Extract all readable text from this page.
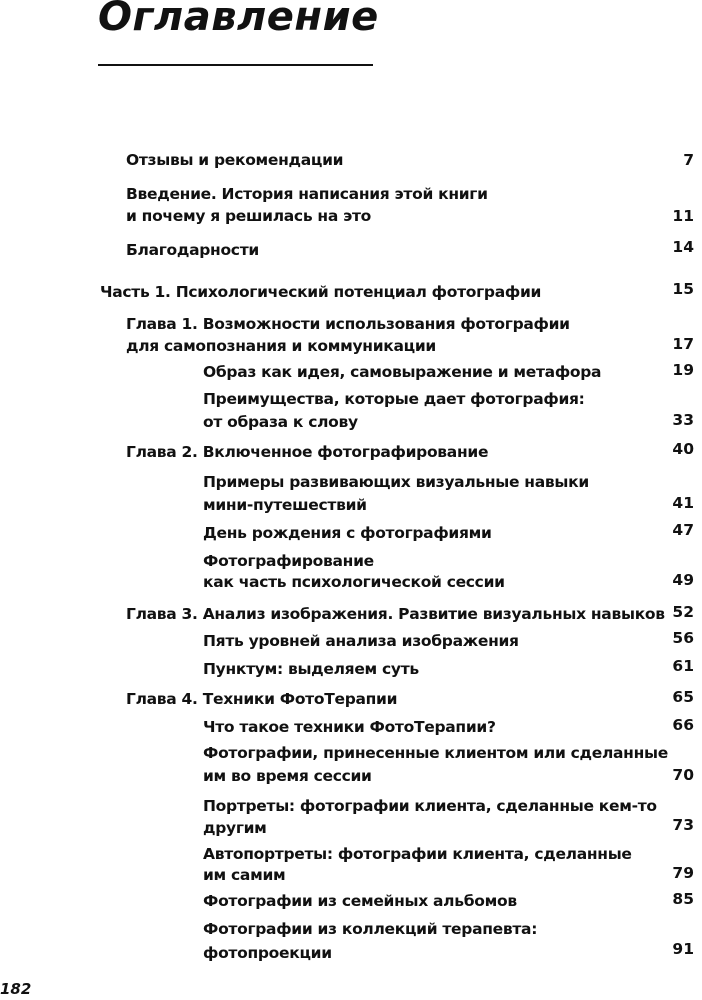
Оглавление

Отзывы и рекомендации	7

Введение. История написания этой книги

и почему я решилась на это	11

Благодарности	14

Часть 1. Психологический потенциал фотографии	15

Глава 1. Возможности использования фотографии

для самопознания и коммуникации	17

Образ как идея, самовыражение и метафора	19

Преимущества, которые дает фотография:

от образа к слову	33

Глава 2. Включенное фотографирование	40

Примеры развивающих визуальные навыки

мини-путешествий	41

День рождения с фотографиями	47

Фотографирование

как часть психологической сессии	49

Глава 3. Анализ изображения. Развитие визуальных навыков 52

Пять уровней анализа изображения	56

Пунктум: выделяем суть	61

Глава 4. Техники ФотоТерапии	65

Что такое техники ФотоТерапии?	66

Фотографии, принесенные клиентом или сделанные

им во время сессии	70

Портреты: фотографии клиента, сделанные кем-то

другим	73

Автопортреты: фотографии клиента, сделанные

им самим	79

Фотографии из семейных альбомов	85

Фотографии из коллекций терапевта:

фотопроекции	91
182
